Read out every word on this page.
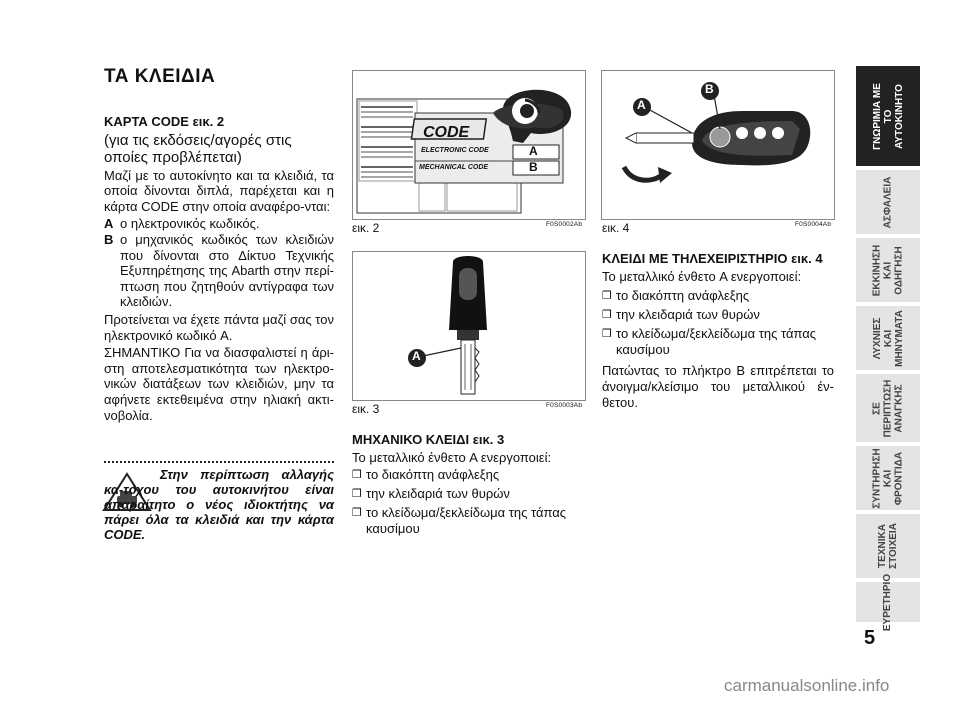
ΤΑ ΚΛΕΙΔΙΑ

ΚΑΡΤΑ CODE εικ. 2

(για τις εκδόσεις/αγορές στις οποίες προβλέπεται)

Μαζί με το αυτοκίνητο και τα κλειδιά, τα οποία δίνονται διπλά, παρέχεται και η κάρτα CODE στην οποία αναφέρο-νται:

A ο ηλεκτρονικός κωδικός.
B ο μηχανικός κωδικός των κλειδιών που δίνονται στο Δίκτυο Τεχνικής Εξυπηρέτησης της Abarth στην περί-πτωση που ζητηθούν αντίγραφα των κλειδιών.

Προτείνεται να έχετε πάντα μαζί σας τον ηλεκτρονικό κωδικό A.

ΣΗΜΑΝΤΙΚΟ Για να διασφαλιστεί η άρι-στη αποτελεσματικότητα των ηλεκτρο-νικών διατάξεων των κλειδιών, μην τα αφήνετε εκτεθειμένα στην ηλιακή ακτι-νοβολία.

Στην περίπτωση αλλαγής κα-τόχου του αυτοκινήτου είναι απαραίτητο ο νέος ιδιοκτήτης να πάρει όλα τα κλειδιά και την κάρτα CODE.
CODE
ELECTRONIC CODE
MECHANICAL CODE
A
B
εικ. 2	F0S0002Ab
A
εικ. 3	F0S0003Ab
A
B
εικ. 4	F0S0004Ab

ΜΗΧΑΝΙΚΟ ΚΛΕΙΔΙ εικ. 3

Το μεταλλικό ένθετο A ενεργοποιεί:

❒ το διακόπτη ανάφλεξης
❒ την κλειδαριά των θυρών
❒ το κλείδωμα/ξεκλείδωμα της τάπας καυσίμου

ΚΛΕΙΔΙ ΜΕ ΤΗΛΕΧΕΙΡΙΣΤΗΡΙΟ εικ. 4

Το μεταλλικό ένθετο A ενεργοποιεί:

❒ το διακόπτη ανάφλεξης
❒ την κλειδαριά των θυρών
❒ το κλείδωμα/ξεκλείδωμα της τάπας καυσίμου

Πατώντας το πλήκτρο B επιτρέπεται το άνοιγμα/κλείσιμο του μεταλλικού έν-θετου.

ΓΝΩΡΙΜΙΑ ΜΕ
ΤΟ
ΑΥΤΟΚΙΝΗΤΟ
ΑΣΦΑΛΕΙΑ
ΕΚΚΙΝΗΣΗ
ΚΑΙ
ΟΔΗΓΗΣΗ
ΛΥΧΝΙΕΣ
ΚΑΙ
ΜΗΝΥΜΑΤΑ
ΣΕ
ΠΕΡΙΠΤΩΣΗ
ΑΝΑΓΚΗΣ
ΣΥΝΤΗΡΗΣΗ
ΚΑΙ
ΦΡΟΝΤΙΔΑ
ΤΕΧΝΙΚΑ
ΣΤΟΙΧΕΙΑ
ΕΥΡΕΤΗΡΙΟ
5
carmanualsonline.info
